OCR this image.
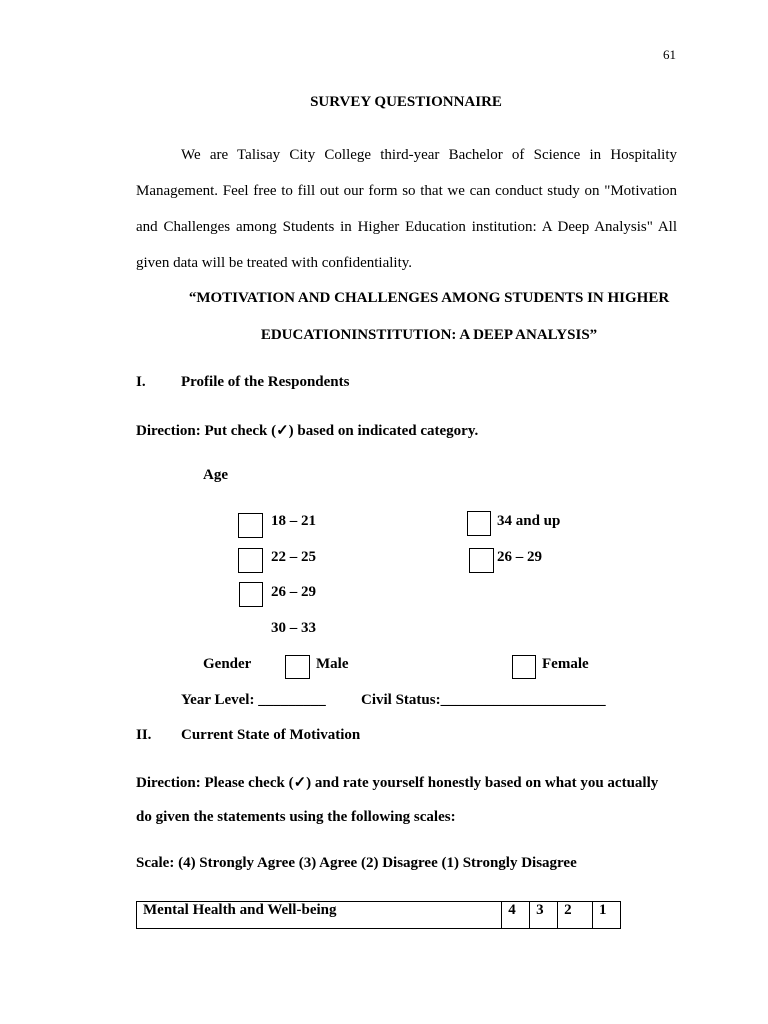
61
SURVEY QUESTIONNAIRE

We are Talisay City College third-year Bachelor of Science in Hospitality Management. Feel free to fill out our form so that we can conduct study on "Motivation and Challenges among Students in Higher Education institution: A Deep Analysis" All given data will be treated with confidentiality.

“MOTIVATION AND CHALLENGES AMONG STUDENTS IN HIGHER
EDUCATIONINSTITUTION: A DEEP ANALYSIS”
I. Profile of the Respondents
Direction: Put check (✓) based on indicated category.
Age
18 – 21
22 – 25
26 – 29
30 – 33
34 and up
26 – 29
Gender	Male	Female
Year Level: _________ Civil Status:______________________
II. Current State of Motivation
Direction: Please check (✓) and rate yourself honestly based on what you actually
do given the statements using the following scales:
Scale: (4) Strongly Agree (3) Agree (2) Disagree (1) Strongly Disagree
Mental Health and Well-being	4	3	2	1
